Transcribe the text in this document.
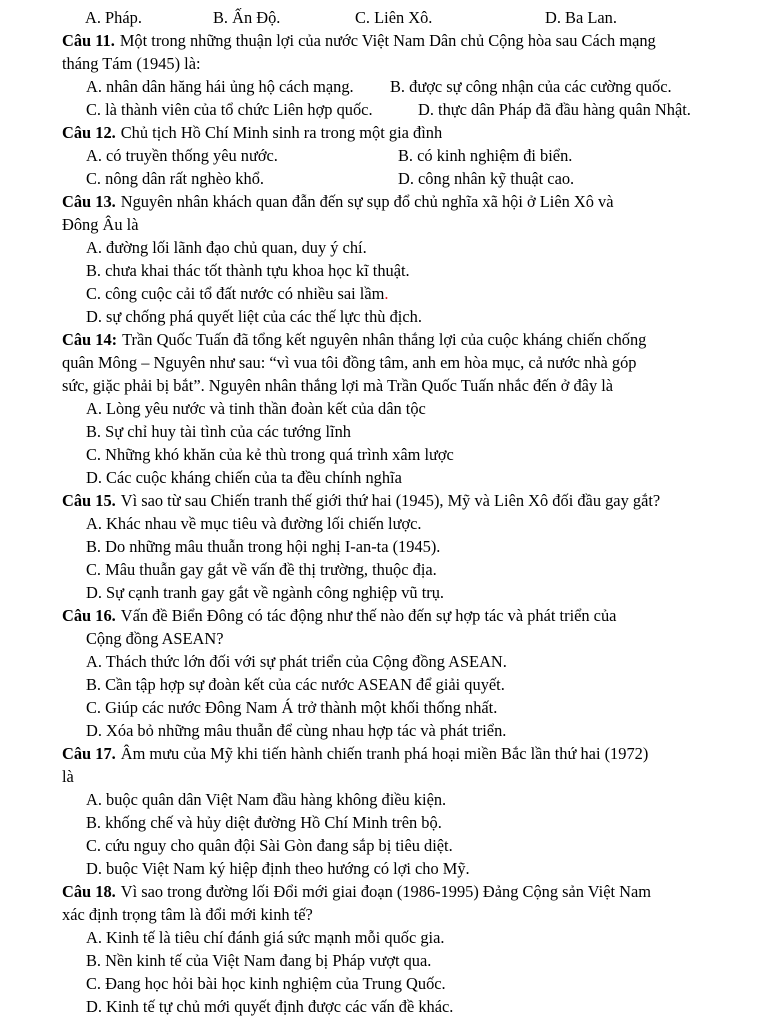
A. Pháp.	B. Ấn Độ.	C. Liên Xô.	D. Ba Lan.
Câu 11. Một trong những thuận lợi của nước Việt Nam Dân chủ Cộng hòa sau Cách mạng
tháng Tám (1945) là:
A. nhân dân hăng hái ủng hộ cách mạng.	B. được sự công nhận của các cường quốc.
C. là thành viên của tổ chức Liên hợp quốc.	D. thực dân Pháp đã đầu hàng quân Nhật.
Câu 12. Chủ tịch Hồ Chí Minh sinh ra trong một gia đình
A. có truyền thống yêu nước.	B. có kinh nghiệm đi biển.
C. nông dân rất nghèo khổ.	D. công nhân kỹ thuật cao.
Câu 13. Nguyên nhân khách quan đẫn đến sự sụp đổ chủ nghĩa xã hội ở Liên Xô và
Đông Âu là
A. đường lối lãnh đạo chủ quan, duy ý chí.
B. chưa khai thác tốt thành tựu khoa học kĩ thuật.
C. công cuộc cải tổ đất nước có nhiều sai lầm.
D. sự chống phá quyết liệt của các thế lực thù địch.
Câu 14: Trần Quốc Tuấn đã tổng kết nguyên nhân thắng lợi của cuộc kháng chiến chống
quân Mông – Nguyên như sau: “vì vua tôi đồng tâm, anh em hòa mục, cả nước nhà góp
sức, giặc phải bị bắt”. Nguyên nhân thắng lợi mà Trần Quốc Tuấn nhắc đến ở đây là
A. Lòng yêu nước và tinh thần đoàn kết của dân tộc
B. Sự chỉ huy tài tình của các tướng lĩnh
C. Những khó khăn của kẻ thù trong quá trình xâm lược
D. Các cuộc kháng chiến của ta đều chính nghĩa
Câu 15. Vì sao từ sau Chiến tranh thế giới thứ hai (1945), Mỹ và Liên Xô đối đầu gay gắt?
A. Khác nhau về mục tiêu và đường lối chiến lược.
B. Do những mâu thuẫn trong hội nghị I-an-ta (1945).
C. Mâu thuẫn gay gắt về vấn đề thị trường, thuộc địa.
D. Sự cạnh tranh gay gắt về ngành công nghiệp vũ trụ.
Câu 16. Vấn đề Biển Đông có tác động như thế nào đến sự hợp tác và phát triển của
Cộng đồng ASEAN?
A. Thách thức lớn đối với sự phát triển của Cộng đồng ASEAN.
B. Cần tập hợp sự đoàn kết của các nước ASEAN để giải quyết.
C. Giúp các nước Đông Nam Á trở thành một khối thống nhất.
D. Xóa bỏ những mâu thuẫn để cùng nhau hợp tác và phát triển.
Câu 17. Âm mưu của Mỹ khi tiến hành chiến tranh phá hoại miền Bắc lần thứ hai (1972)
là
A. buộc quân dân Việt Nam đầu hàng không điều kiện.
B. khống chế và hủy diệt đường Hồ Chí Minh trên bộ.
C. cứu nguy cho quân đội Sài Gòn đang sắp bị tiêu diệt.
D. buộc Việt Nam ký hiệp định theo hướng có lợi cho Mỹ.
Câu 18. Vì sao trong đường lối Đổi mới giai đoạn (1986-1995) Đảng Cộng sản Việt Nam
xác định trọng tâm là đổi mới kinh tế?
A. Kinh tế là tiêu chí đánh giá sức mạnh mỗi quốc gia.
B. Nền kinh tế của Việt Nam đang bị Pháp vượt qua.
C. Đang học hỏi bài học kinh nghiệm của Trung Quốc.
D. Kinh tế tự chủ mới quyết định được các vấn đề khác.
